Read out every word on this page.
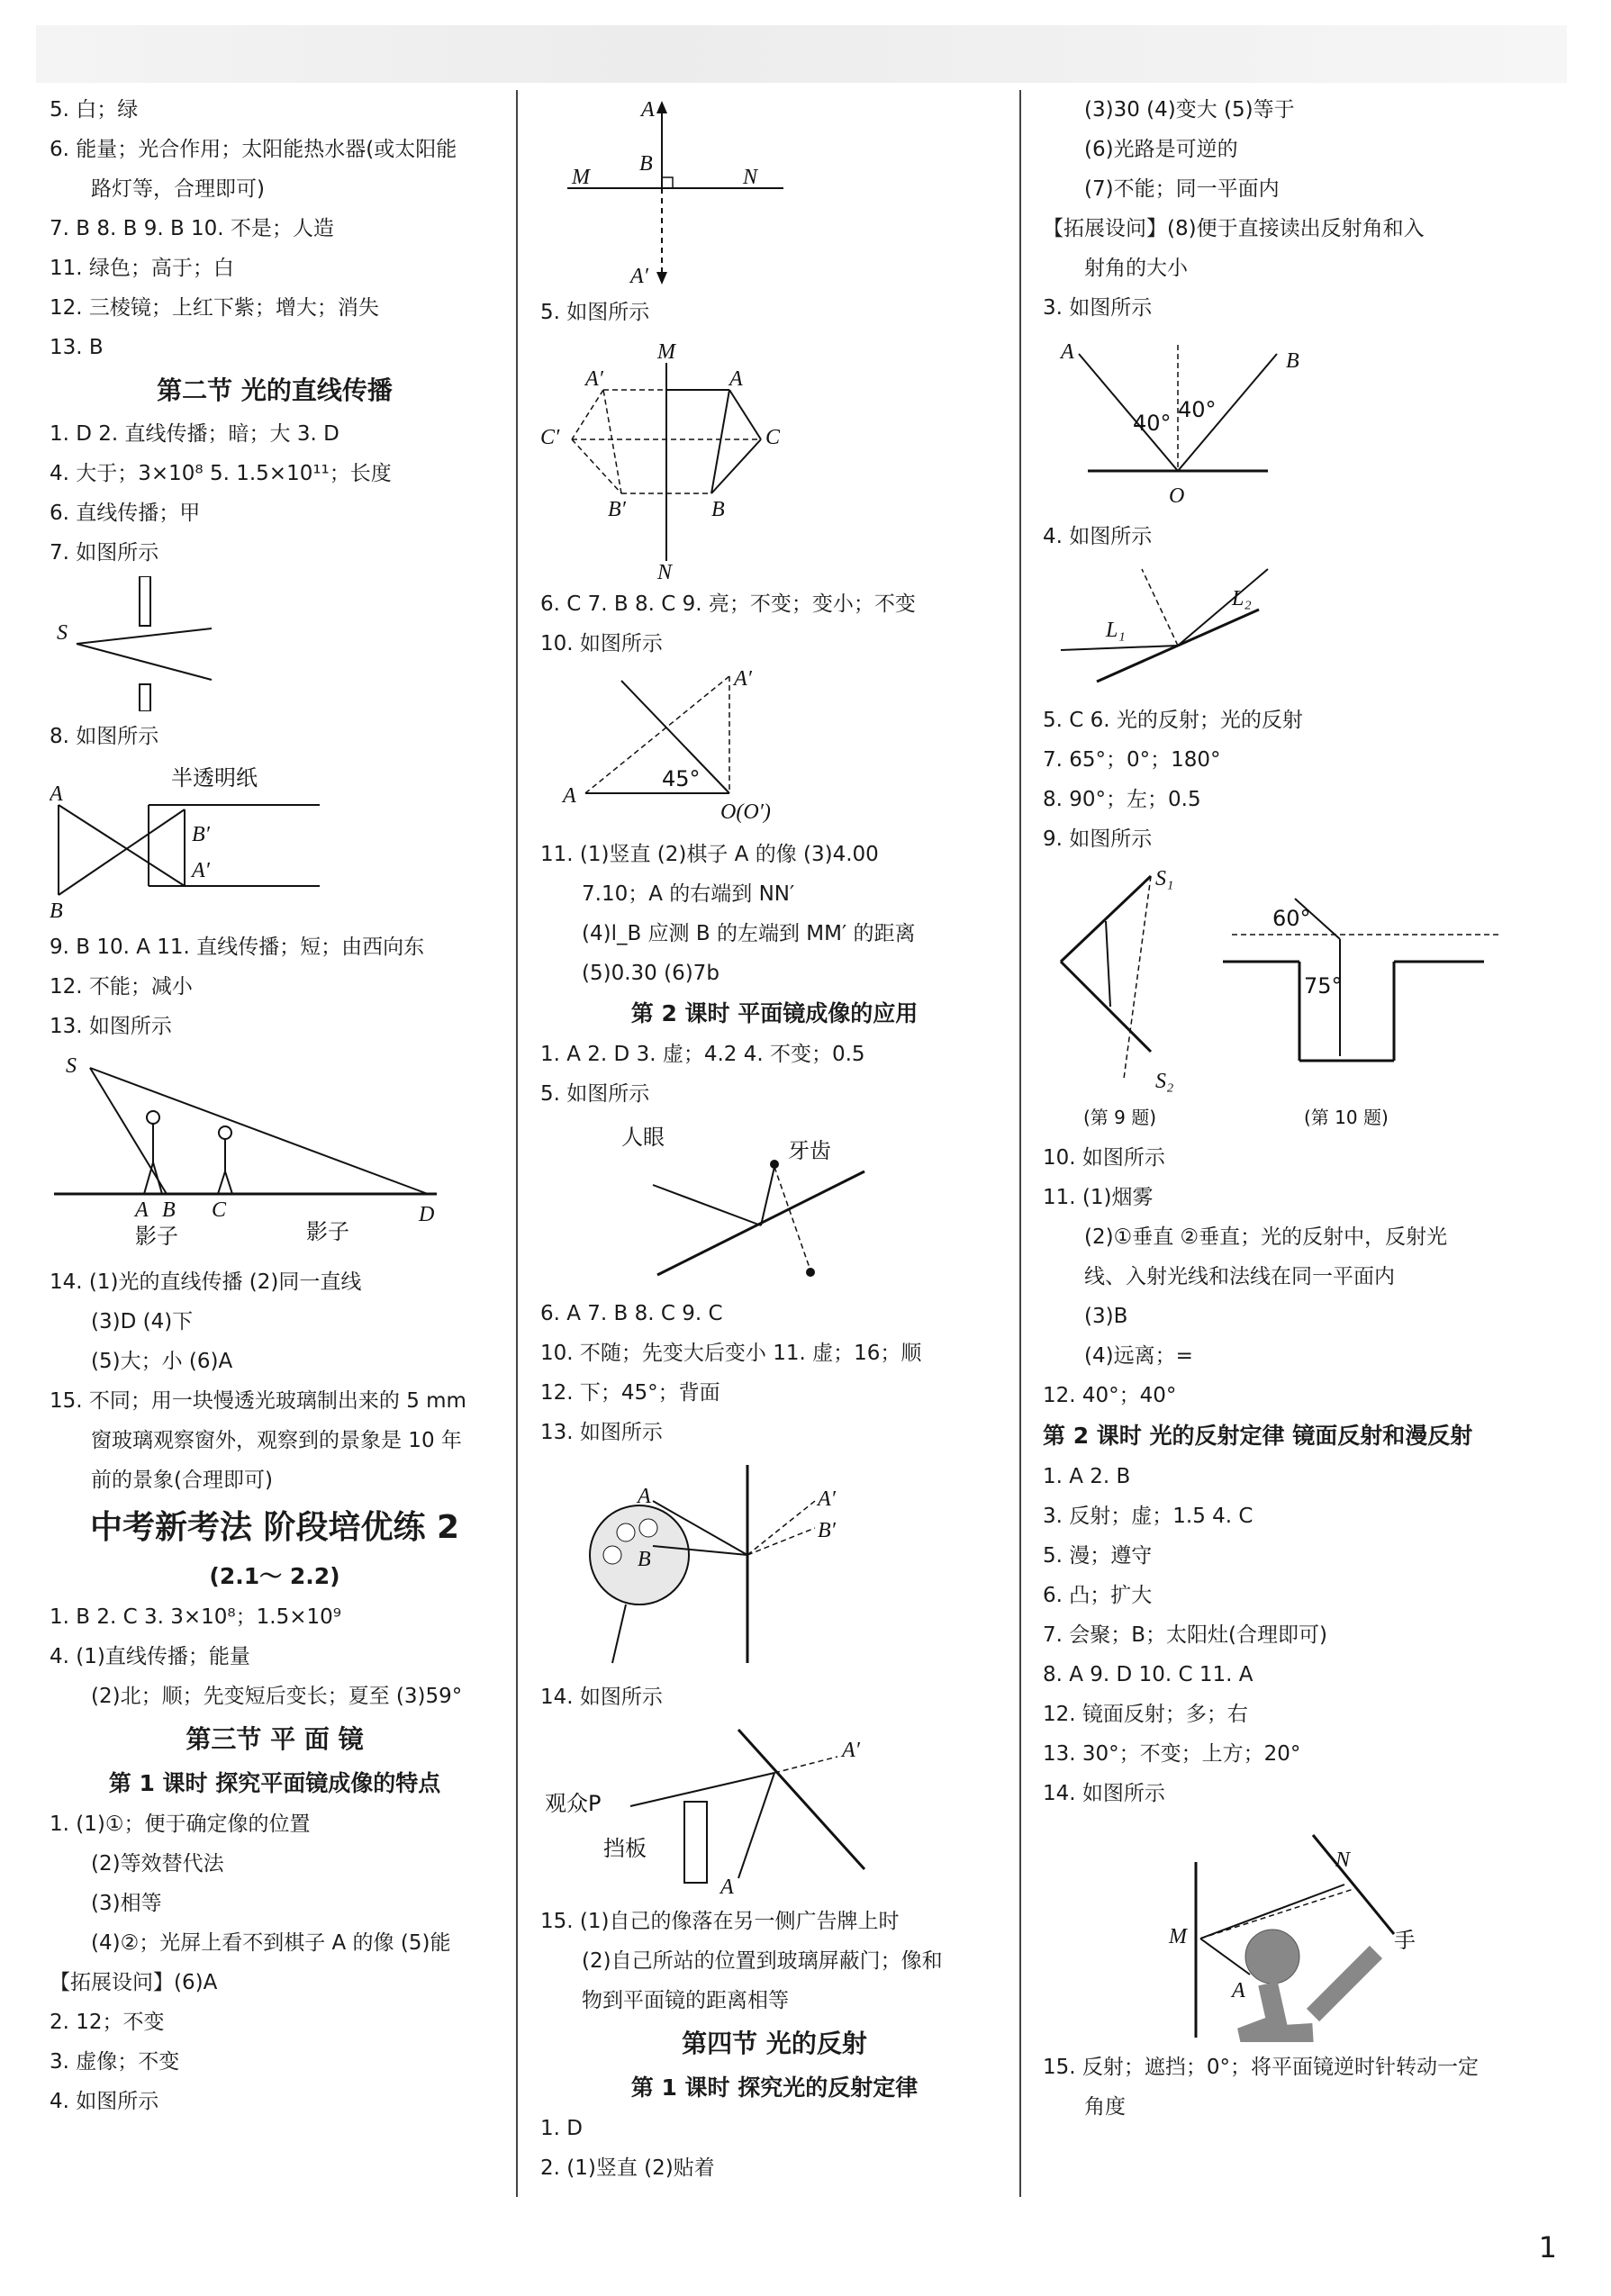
5. 白；绿
6. 能量；光合作用；太阳能热水器(或太阳能
路灯等，合理即可)
7. B 8. B 9. B 10. 不是；人造
11. 绿色；高于；白
12. 三棱镜；上红下紫；增大；消失
13. B
第二节 光的直线传播
1. D 2. 直线传播；暗；大 3. D
4. 大于；3×10⁸ 5. 1.5×10¹¹；长度
6. 直线传播；甲
7. 如图所示
S
8. 如图所示
半透明纸
A
B
B′
A′
9. B 10. A 11. 直线传播；短；由西向东
12. 不能；减小
13. 如图所示
S
A B C	D
影子	影子
14. (1)光的直线传播 (2)同一直线
(3)D (4)下
(5)大；小 (6)A
15. 不同；用一块慢透光玻璃制出来的 5 mm
窗玻璃观察窗外，观察到的景象是 10 年
前的景象(合理即可)
中考新考法 阶段培优练 2
(2.1～ 2.2)
1. B 2. C 3. 3×10⁸；1.5×10⁹
4. (1)直线传播；能量
(2)北；顺；先变短后变长；夏至 (3)59°
第三节 平 面 镜
第 1 课时 探究平面镜成像的特点
1. (1)①；便于确定像的位置
(2)等效替代法
(3)相等
(4)②；光屏上看不到棋子 A 的像 (5)能
【拓展设问】(6)A
2. 12；不变
3. 虚像；不变
4. 如图所示
A
B
M	N
A′
5. 如图所示
M
N
A
A′
B
B′
C
C′
6. C 7. B 8. C 9. 亮；不变；变小；不变
10. 如图所示
A
A′
45°
O(O′)
11. (1)竖直 (2)棋子 A 的像 (3)4.00
7.10；A 的右端到 NN′
(4)l_B 应测 B 的左端到 MM′ 的距离
(5)0.30 (6)7b
第 2 课时 平面镜成像的应用
1. A 2. D 3. 虚；4.2 4. 不变；0.5
5. 如图所示
人眼
牙齿
6. A 7. B 8. C 9. C
10. 不随；先变大后变小 11. 虚；16；顺
12. 下；45°；背面
13. 如图所示
A
B
A′
B′
14. 如图所示
观众P
挡板
A
A′
15. (1)自己的像落在另一侧广告牌上时
(2)自己所站的位置到玻璃屏蔽门；像和
物到平面镜的距离相等
第四节 光的反射
第 1 课时 探究光的反射定律
1. D
2. (1)竖直 (2)贴着
(3)30 (4)变大 (5)等于
(6)光路是可逆的
(7)不能；同一平面内
【拓展设问】(8)便于直接读出反射角和入
射角的大小
3. 如图所示
A	B
O
40°
40°
4. 如图所示
L₁
L₂
5. C 6. 光的反射；光的反射
7. 65°；0°；180°
8. 90°；左；0.5
9. 如图所示
S₁
S₂
60°
75°
(第 9 题)	(第 10 题)
10. 如图所示
11. (1)烟雾
(2)①垂直 ②垂直；光的反射中，反射光
线、入射光线和法线在同一平面内
(3)B
(4)远离；=
12. 40°；40°
第 2 课时 光的反射定律 镜面反射和漫反射
1. A 2. B
3. 反射；虚；1.5 4. C
5. 漫；遵守
6. 凸；扩大
7. 会聚；B；太阳灶(合理即可)
8. A 9. D 10. C 11. A
12. 镜面反射；多；右
13. 30°；不变；上方；20°
14. 如图所示
M
N
A
手
15. 反射；遮挡；0°；将平面镜逆时针转动一定
角度
1
